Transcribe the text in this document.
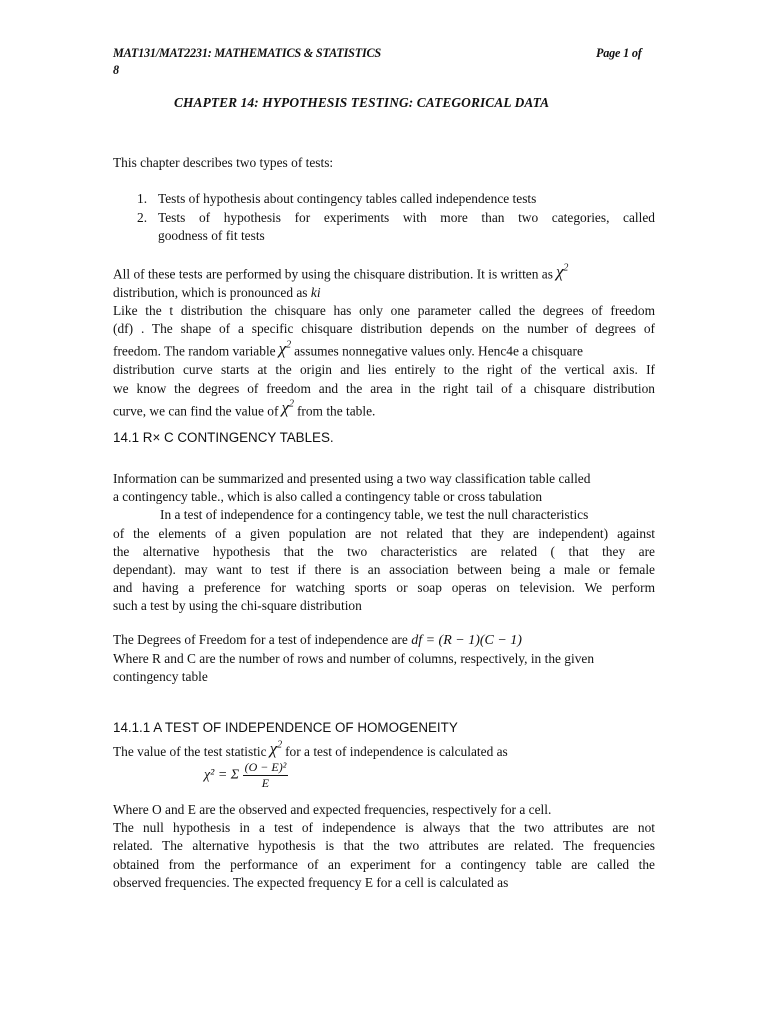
MAT131/MAT2231: MATHEMATICS & STATISTICS	Page 1 of
8
CHAPTER 14: HYPOTHESIS TESTING: CATEGORICAL DATA
This chapter describes two types of tests:
1. Tests of hypothesis about contingency tables called independence tests
2. Tests of hypothesis for experiments with more than two categories, called
goodness of fit tests
All of these tests are performed by using the chisquare distribution. It is written as $\chi^2$
distribution, which is pronounced as ki
Like the t distribution the chisquare has only one parameter called the degrees of freedom
(df) . The shape of a specific chisquare distribution depends on the number of degrees of
freedom. The random variable $\chi^2$ assumes nonnegative values only. Henc4e a chisquare
distribution curve starts at the origin and lies entirely to the right of the vertical axis. If
we know the degrees of freedom and the area in the right tail of a chisquare distribution
curve, we can find the value of $\chi^2$ from the table.
14.1 R× C CONTINGENCY TABLES.
Information can be summarized and presented using a two way classification table called
a contingency table., which is also called a contingency table or cross tabulation
In a test of independence for a contingency table, we test the null characteristics
of the elements of a given population are not related that they are independent) against
the alternative hypothesis that the two characteristics are related ( that they are
dependant). may want to test if there is an association between being a male or female
and having a preference for watching sports or soap operas on television. We perform
such a test by using the chi-square distribution
The Degrees of Freedom for a test of independence are df = (R − 1)(C − 1)
Where R and C are the number of rows and number of columns, respectively, in the given
contingency table
14.1.1 A TEST OF INDEPENDENCE OF HOMOGENEITY
The value of the test statistic $\chi^2$ for a test of independence is calculated as
χ² = Σ $\frac{\text{(O − E)²}}{E}$
Where O and E are the observed and expected frequencies, respectively for a cell.
The null hypothesis in a test of independence is always that the two attributes are not
related. The alternative hypothesis is that the two attributes are related. The frequencies
obtained from the performance of an experiment for a contingency table are called the
observed frequencies. The expected frequency E for a cell is calculated as
